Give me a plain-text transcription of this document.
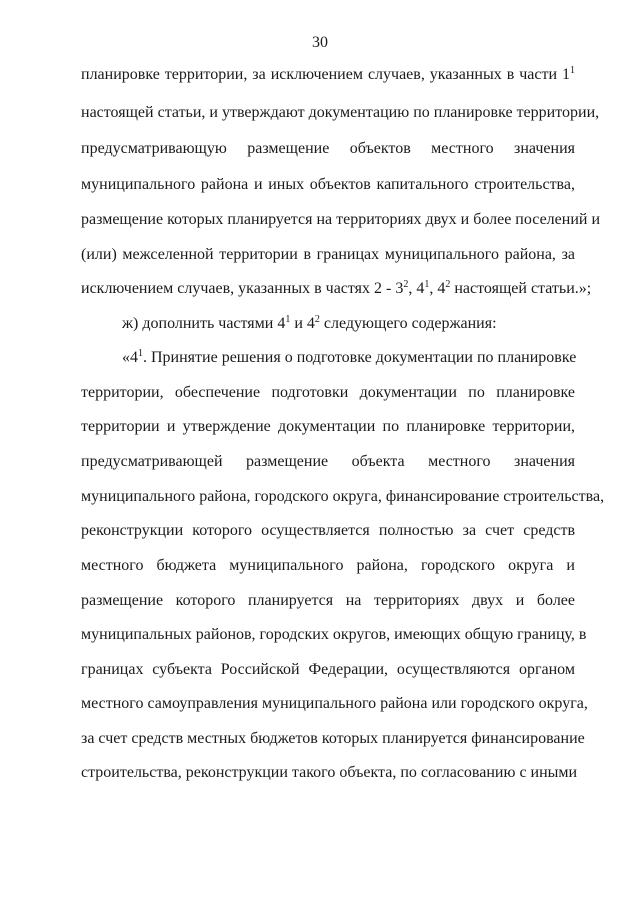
30
планировке территории, за исключением случаев, указанных в части $1^1$
настоящей статьи, и утверждают документацию по планировке территории,
предусматривающую размещение объектов местного значения
муниципального района и иных объектов капитального строительства,
размещение которых планируется на территориях двух и более поселений и
(или) межселенной территории в границах муниципального района, за
исключением случаев, указанных в частях $2 - 3^2$, $4^1$, $4^2$ настоящей статьи.»;
ж) дополнить частями $4^1$ и $4^2$ следующего содержания:
«$4^1$. Принятие решения о подготовке документации по планировке
территории, обеспечение подготовки документации по планировке
территории и утверждение документации по планировке территории,
предусматривающей размещение объекта местного значения
муниципального района, городского округа, финансирование строительства,
реконструкции которого осуществляется полностью за счет средств
местного бюджета муниципального района, городского округа и
размещение которого планируется на территориях двух и более
муниципальных районов, городских округов, имеющих общую границу, в
границах субъекта Российской Федерации, осуществляются органом
местного самоуправления муниципального района или городского округа,
за счет средств местных бюджетов которых планируется финансирование
строительства, реконструкции такого объекта, по согласованию с иными
